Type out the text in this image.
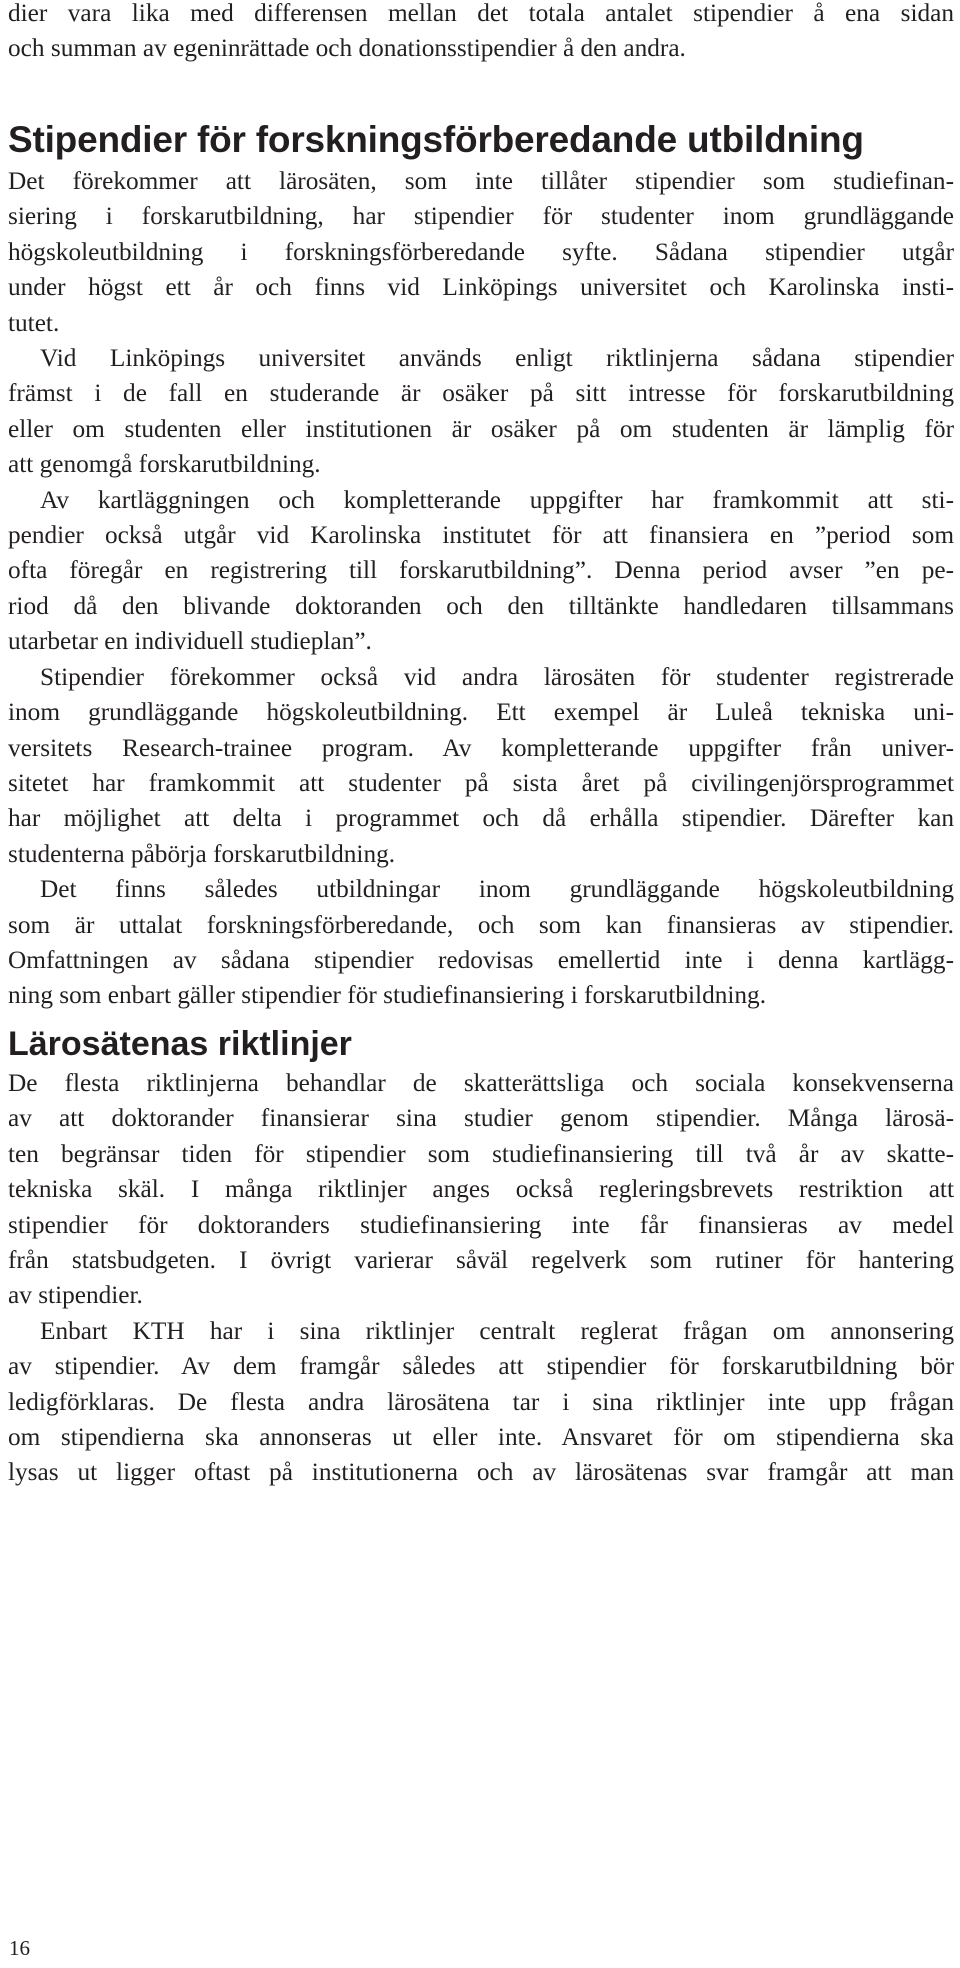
dier vara lika med differensen mellan det totala antalet stipendier å ena sidan

och summan av egeninrättade och donationsstipendier å den andra.

Stipendier för forskningsförberedande utbildning

Det förekommer att lärosäten, som inte tillåter stipendier som studiefinan-

siering i forskarutbildning, har stipendier för studenter inom grundläggande

högskoleutbildning i forskningsförberedande syfte. Sådana stipendier utgår

under högst ett år och finns vid Linköpings universitet och Karolinska insti-

tutet.

Vid Linköpings universitet används enligt riktlinjerna sådana stipendier

främst i de fall en studerande är osäker på sitt intresse för forskarutbildning

eller om studenten eller institutionen är osäker på om studenten är lämplig för

att genomgå forskarutbildning.

Av kartläggningen och kompletterande uppgifter har framkommit att sti-

pendier också utgår vid Karolinska institutet för att finansiera en ”period som

ofta föregår en registrering till forskarutbildning”. Denna period avser ”en pe-

riod då den blivande doktoranden och den tilltänkte handledaren tillsammans

utarbetar en individuell studieplan”.

Stipendier förekommer också vid andra lärosäten för studenter registrerade

inom grundläggande högskoleutbildning. Ett exempel är Luleå tekniska uni-

versitets Research-trainee program. Av kompletterande uppgifter från univer-

sitetet har framkommit att studenter på sista året på civilingenjörsprogrammet

har möjlighet att delta i programmet och då erhålla stipendier. Därefter kan

studenterna påbörja forskarutbildning.

Det finns således utbildningar inom grundläggande högskoleutbildning

som är uttalat forskningsförberedande, och som kan finansieras av stipendier.

Omfattningen av sådana stipendier redovisas emellertid inte i denna kartlägg-

ning som enbart gäller stipendier för studiefinansiering i forskarutbildning.

Lärosätenas riktlinjer

De flesta riktlinjerna behandlar de skatterättsliga och sociala konsekvenserna

av att doktorander finansierar sina studier genom stipendier. Många lärosä-

ten begränsar tiden för stipendier som studiefinansiering till två år av skatte-

tekniska skäl. I många riktlinjer anges också regleringsbrevets restriktion att

stipendier för doktoranders studiefinansiering inte får finansieras av medel

från statsbudgeten. I övrigt varierar såväl regelverk som rutiner för hantering

av stipendier.

Enbart KTH har i sina riktlinjer centralt reglerat frågan om annonsering

av stipendier. Av dem framgår således att stipendier för forskarutbildning bör

ledigförklaras. De flesta andra lärosätena tar i sina riktlinjer inte upp frågan

om stipendierna ska annonseras ut eller inte. Ansvaret för om stipendierna ska

lysas ut ligger oftast på institutionerna och av lärosätenas svar framgår att man

16
